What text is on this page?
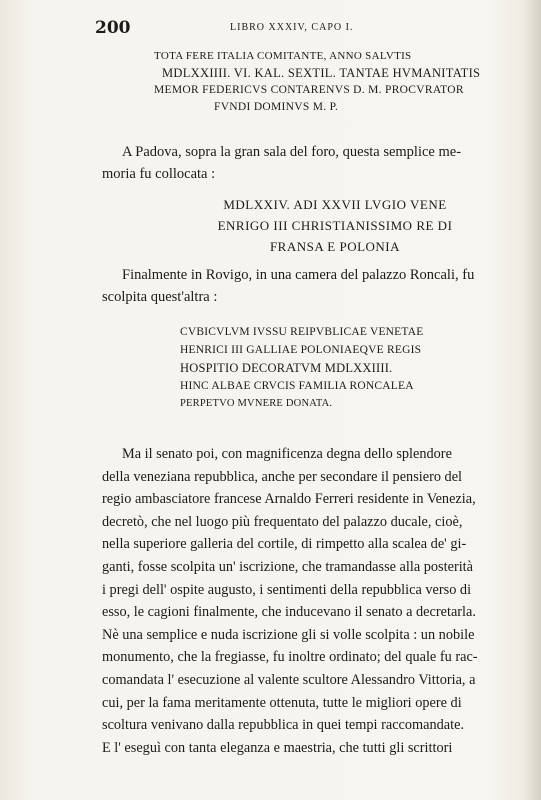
200	LIBRO XXXIV, CAPO I.
TOTA FERE ITALIA COMITANTE, ANNO SALVTIS
MDLXXIIII. VI. KAL. SEXTIL. TANTAE HVMANITATIS
MEMOR FEDERICVS CONTARENVS D. M. PROCVRATOR
FVNDI DOMINVS M. P.
A Padova, sopra la gran sala del foro, questa semplice me-
moria fu collocata :
MDLXXIV. ADI XXVII LVGIO VENE
ENRIGO III CHRISTIANISSIMO RE DI
FRANSA E POLONIA
Finalmente in Rovigo, in una camera del palazzo Roncali, fu
scolpita quest'altra :
CVBICVLVM IVSSU REIPVBLICAE VENETAE
HENRICI III GALLIAE POLONIAEQVE REGIS
HOSPITIO DECORATVM MDLXXIIII.
HINC ALBAE CRVCIS FAMILIA RONCALEA
PERPETVO MVNERE DONATA.
Ma il senato poi, con magnificenza degna dello splendore
della veneziana repubblica, anche per secondare il pensiero del
regio ambasciatore francese Arnaldo Ferreri residente in Venezia,
decretò, che nel luogo più frequentato del palazzo ducale, cioè,
nella superiore galleria del cortile, di rimpetto alla scalea de' gi-
ganti, fosse scolpita un' iscrizione, che tramandasse alla posterità
i pregi dell' ospite augusto, i sentimenti della repubblica verso di
esso, le cagioni finalmente, che inducevano il senato a decretarla.
Nè una semplice e nuda iscrizione gli si volle scolpita : un nobile
monumento, che la fregiasse, fu inoltre ordinato; del quale fu rac-
comandata l' esecuzione al valente scultore Alessandro Vittoria, a
cui, per la fama meritamente ottenuta, tutte le migliori opere di
scoltura venivano dalla repubblica in quei tempi raccomandate.
E l' eseguì con tanta eleganza e maestria, che tutti gli scrittori
